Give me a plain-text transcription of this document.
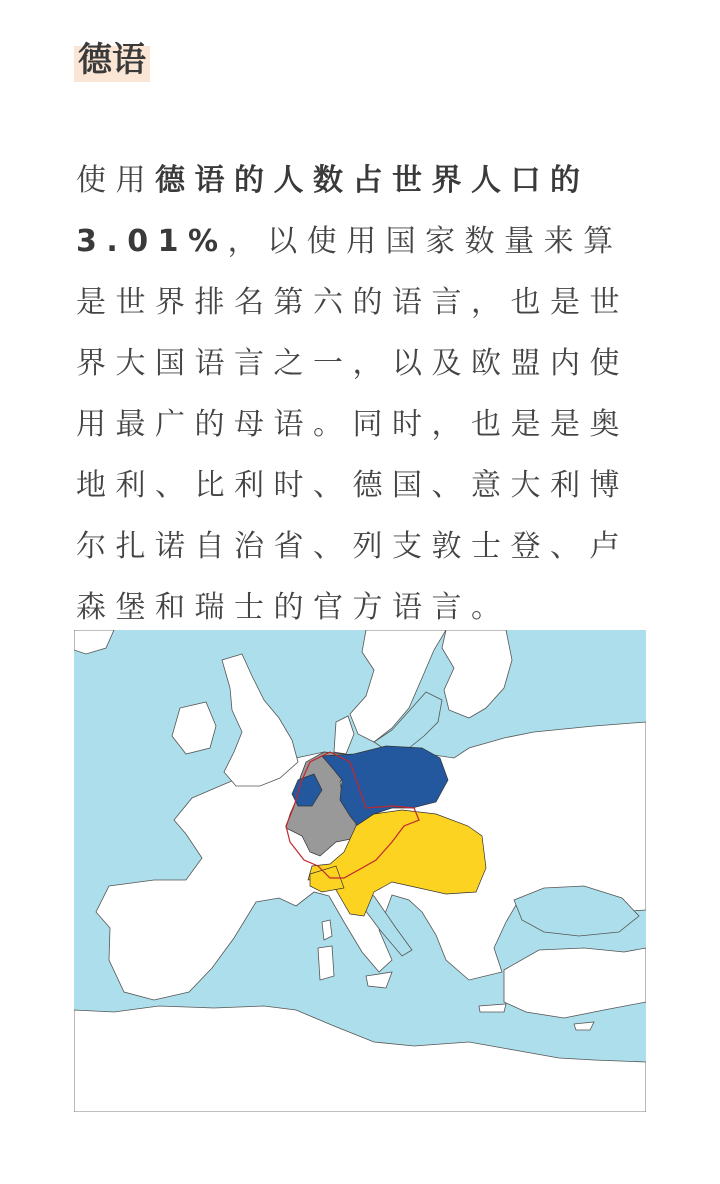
德语

使用德语的人数占世界人口的3.01%，以使用国家数量来算是世界排名第六的语言，也是世界大国语言之一，以及欧盟内使用最广的母语。同时，也是是奥地利、比利时、德国、意大利博尔扎诺自治省、列支敦士登、卢森堡和瑞士的官方语言。
